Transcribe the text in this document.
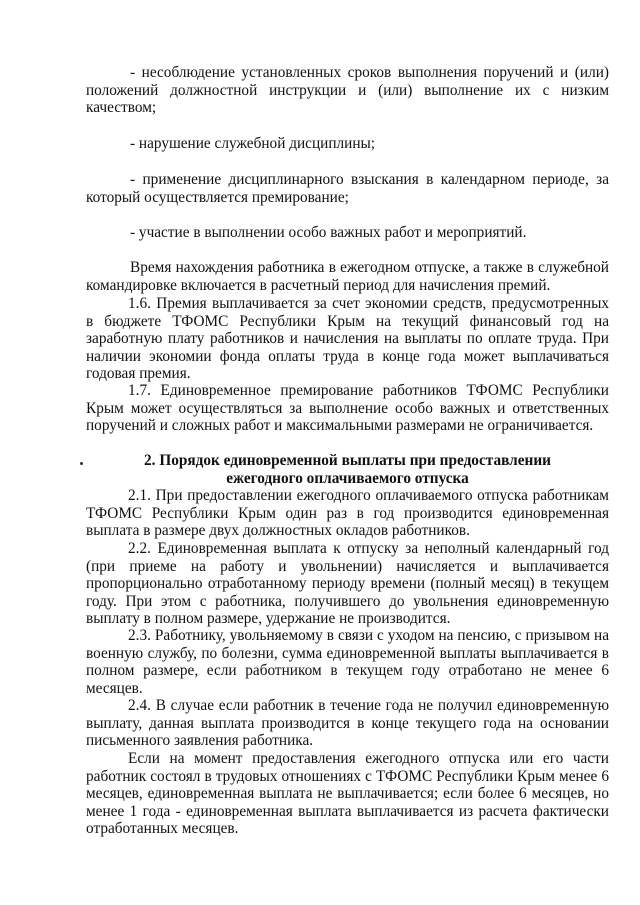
- несоблюдение установленных сроков выполнения поручений и (или) положений должностной инструкции и (или) выполнение их с низким качеством;

- нарушение служебной дисциплины;

- применение дисциплинарного взыскания в календарном периоде, за который осуществляется премирование;

- участие в выполнении особо важных работ и мероприятий.

Время нахождения работника в ежегодном отпуске, а также в служебной командировке включается в расчетный период для начисления премий.

1.6. Премия выплачивается за счет экономии средств, предусмотренных в бюджете ТФОМС Республики Крым на текущий финансовый год на заработную плату работников и начисления на выплаты по оплате труда. При наличии экономии фонда оплаты труда в конце года может выплачиваться годовая премия.

1.7. Единовременное премирование работников ТФОМС Республики Крым может осуществляться за выполнение особо важных и ответственных поручений и сложных работ и максимальными размерами не ограничивается.

2. Порядок единовременной выплаты при предоставлении

ежегодного оплачиваемого отпуска

2.1. При предоставлении ежегодного оплачиваемого отпуска работникам ТФОМС Республики Крым один раз в год производится единовременная выплата в размере двух должностных окладов работников.

2.2. Единовременная выплата к отпуску за неполный календарный год (при приеме на работу и увольнении) начисляется и выплачивается пропорционально отработанному периоду времени (полный месяц) в текущем году. При этом с работника, получившего до увольнения единовременную выплату в полном размере, удержание не производится.

2.3. Работнику, увольняемому в связи с уходом на пенсию, с призывом на военную службу, по болезни, сумма единовременной выплаты выплачивается в полном размере, если работником в текущем году отработано не менее 6 месяцев.

2.4. В случае если работник в течение года не получил единовременную выплату, данная выплата производится в конце текущего года на основании письменного заявления работника.

Если на момент предоставления ежегодного отпуска или его части работник состоял в трудовых отношениях с ТФОМС Республики Крым менее 6 месяцев, единовременная выплата не выплачивается; если более 6 месяцев, но менее 1 года - единовременная выплата выплачивается из расчета фактически отработанных месяцев.
